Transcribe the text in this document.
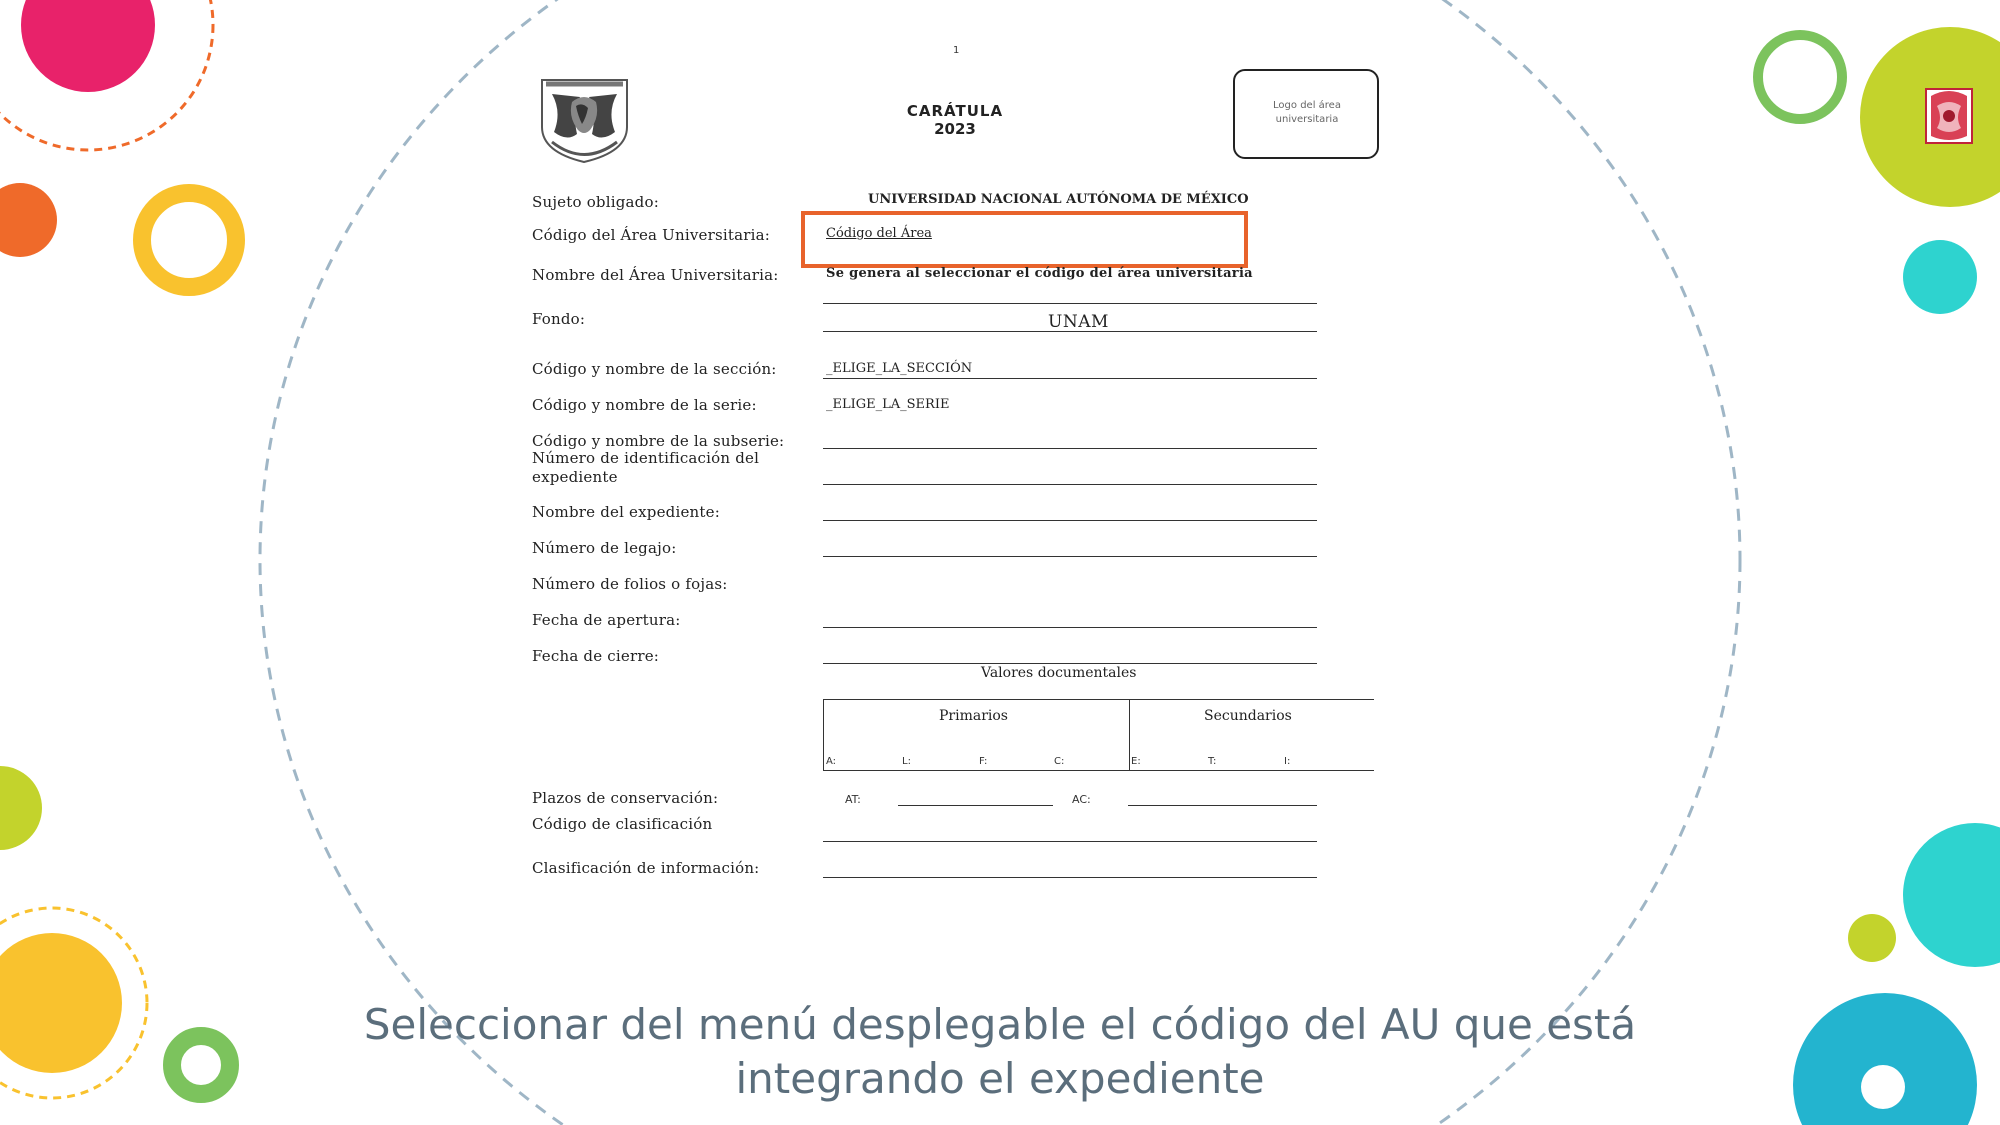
1
CARÁTULA
2023
Logo del área universitaria
Sujeto obligado:	UNIVERSIDAD NACIONAL AUTÓNOMA DE MÉXICO
Código del Área Universitaria:	Código del Área
Nombre del Área Universitaria:	Se genera al seleccionar el código del área universitaria
Fondo:	UNAM
Código y nombre de la sección:	_ELIGE_LA_SECCIÓN
Código y nombre de la serie:	_ELIGE_LA_SERIE
Código y nombre de la subserie:
Número de identificación del expediente
Nombre del expediente:
Número de legajo:
Número de folios o fojas:
Fecha de apertura:
Fecha de cierre:
Valores documentales
Primarios	Secundarios
A:	L:	F:	C:	E:	T:	I:
Plazos de conservación:	AT:	AC:
Código de clasificación
Clasificación de información:
Seleccionar del menú desplegable el código del AU que está
integrando el expediente
